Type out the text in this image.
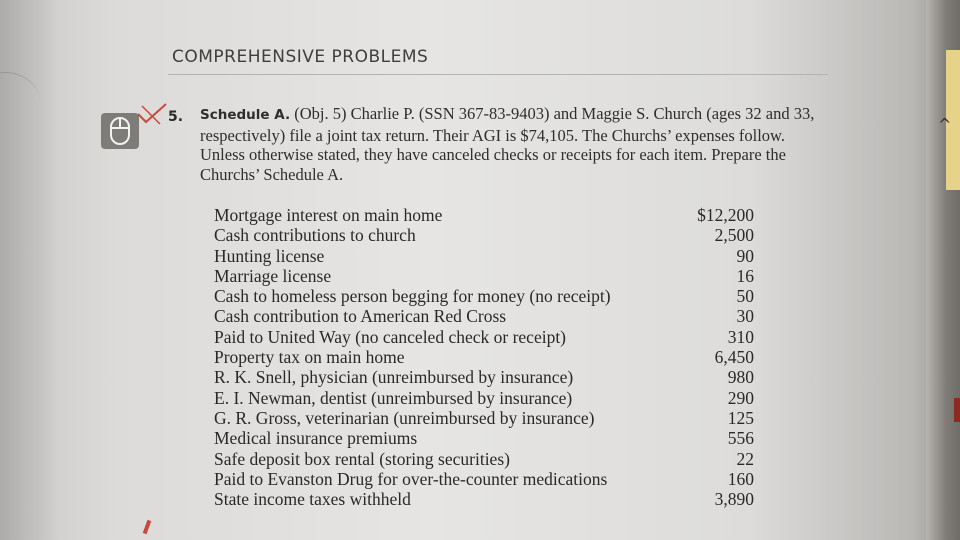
^
COMPREHENSIVE PROBLEMS
5. Schedule A. (Obj. 5) Charlie P. (SSN 367-83-9403) and Maggie S. Church (ages 32 and 33,
respectively) file a joint tax return. Their AGI is $74,105. The Churchs’ expenses follow.
Unless otherwise stated, they have canceled checks or receipts for each item. Prepare the
Churchs’ Schedule A.
Mortgage interest on main home	$12,200
Cash contributions to church	2,500
Hunting license	90
Marriage license	16
Cash to homeless person begging for money (no receipt)	50
Cash contribution to American Red Cross	30
Paid to United Way (no canceled check or receipt)	310
Property tax on main home	6,450
R. K. Snell, physician (unreimbursed by insurance)	980
E. I. Newman, dentist (unreimbursed by insurance)	290
G. R. Gross, veterinarian (unreimbursed by insurance)	125
Medical insurance premiums	556
Safe deposit box rental (storing securities)	22
Paid to Evanston Drug for over-the-counter medications	160
State income taxes withheld	3,890
